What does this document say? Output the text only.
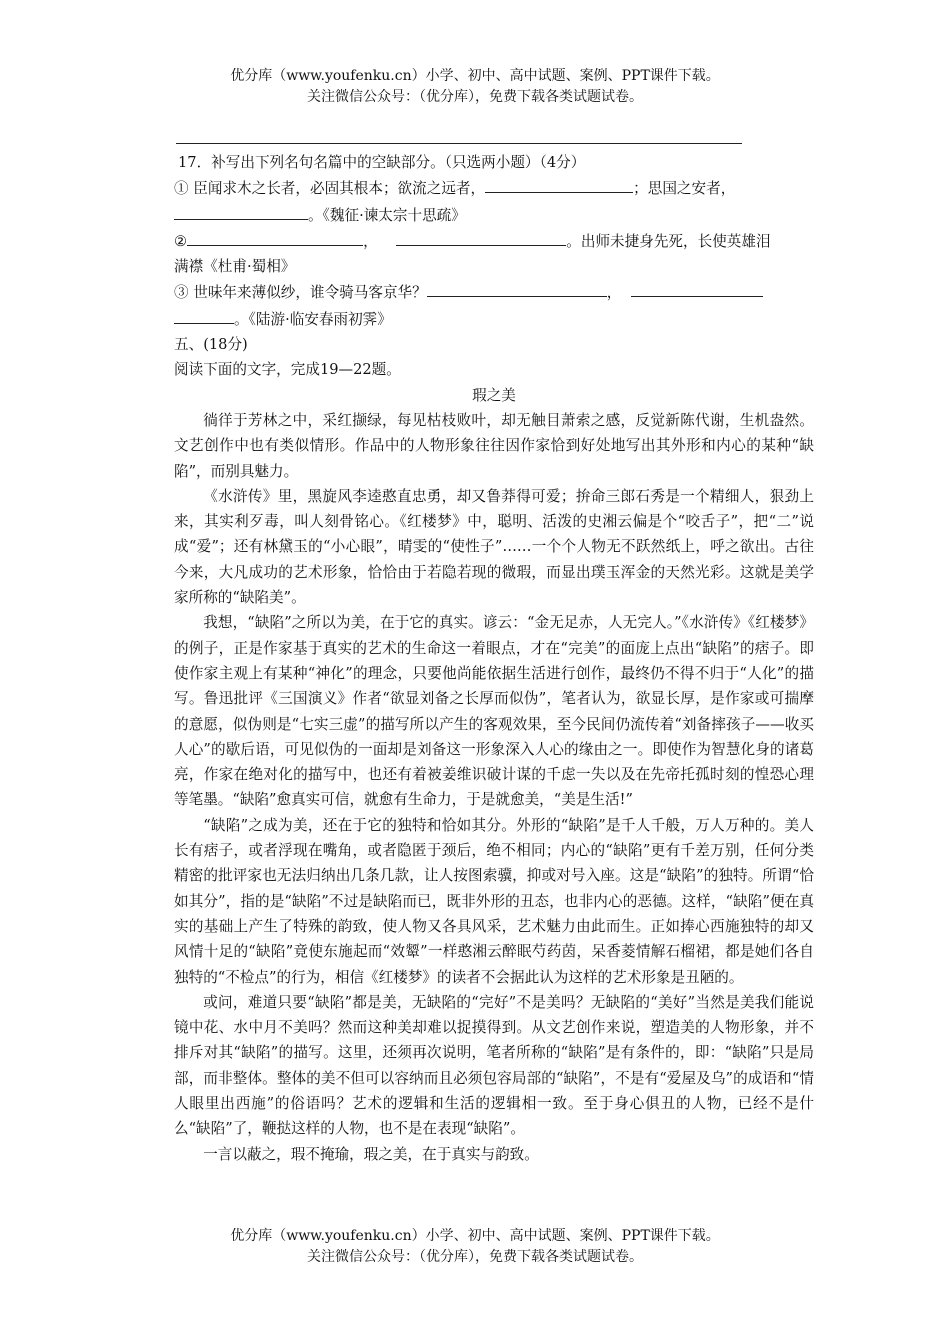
优分库（www.youfenku.cn）小学、初中、高中试题、案例、PPT课件下载。
关注微信公众号：（优分库），免费下载各类试题试卷。

17．补写出下列名句名篇中的空缺部分。（只选两小题）（4分）

① 臣闻求木之长者，必固其根本；欲流之远者，	；思国之安者，

。《魏征·谏太宗十思疏》

②	，	。出师未捷身先死，长使英雄泪

满襟《杜甫·蜀相》

③ 世味年来薄似纱，谁令骑马客京华？	，

。《陆游·临安春雨初霁》

五、(18分)

阅读下面的文字，完成19—22题。

瑕之美

徜徉于芳林之中，采红撷绿，每见枯枝败叶，却无触目萧索之感，反觉新陈代谢，生机盎然。文艺创作中也有类似情形。作品中的人物形象往往因作家恰到好处地写出其外形和内心的某种“缺陷”，而别具魅力。

《水浒传》里，黑旋风李逵憨直忠勇，却又鲁莽得可爱；拚命三郎石秀是一个精细人，狠劲上来，其实利歹毒，叫人刻骨铭心。《红楼梦》中，聪明、活泼的史湘云偏是个“咬舌子”，把“二”说成“爱”；还有林黛玉的“小心眼”，晴雯的“使性子”……一个个人物无不跃然纸上，呼之欲出。古往今来，大凡成功的艺术形象，恰恰由于若隐若现的微瑕，而显出璞玉浑金的天然光彩。这就是美学家所称的“缺陷美”。

我想，“缺陷”之所以为美，在于它的真实。谚云：“金无足赤，人无完人。”《水浒传》《红楼梦》的例子，正是作家基于真实的艺术的生命这一着眼点，才在“完美”的面庞上点出“缺陷”的痞子。即使作家主观上有某种“神化”的理念，只要他尚能依据生活进行创作，最终仍不得不归于“人化”的描写。鲁迅批评《三国演义》作者“欲显刘备之长厚而似伪”，笔者认为，欲显长厚，是作家或可揣摩的意愿，似伪则是“七实三虚”的描写所以产生的客观效果，至今民间仍流传着“刘备摔孩子——收买人心”的歇后语，可见似伪的一面却是刘备这一形象深入人心的缘由之一。即使作为智慧化身的诸葛亮，作家在绝对化的描写中，也还有着被姜维识破计谋的千虑一失以及在先帝托孤时刻的惶恐心理等笔墨。“缺陷”愈真实可信，就愈有生命力，于是就愈美，“美是生活!”

“缺陷”之成为美，还在于它的独特和恰如其分。外形的“缺陷”是千人千般，万人万种的。美人长有痞子，或者浮现在嘴角，或者隐匿于颈后，绝不相同；内心的“缺陷”更有千差万别，任何分类精密的批评家也无法归纳出几条几款，让人按图索骥，抑或对号入座。这是“缺陷”的独特。所谓“恰如其分”，指的是“缺陷”不过是缺陷而已，既非外形的丑态，也非内心的恶德。这样，“缺陷”便在真实的基础上产生了特殊的韵致，使人物又各具风采，艺术魅力由此而生。正如捧心西施独特的却又风情十足的“缺陷”竟使东施起而“效颦”一样憨湘云醉眠芍药茵，呆香菱情解石榴裙，都是她们各自独特的“不检点”的行为，相信《红楼梦》的读者不会据此认为这样的艺术形象是丑陋的。

或问，难道只要“缺陷”都是美，无缺陷的“完好”不是美吗？无缺陷的“美好”当然是美我们能说镜中花、水中月不美吗？然而这种美却难以捉摸得到。从文艺创作来说，塑造美的人物形象，并不排斥对其“缺陷”的描写。这里，还须再次说明，笔者所称的“缺陷”是有条件的，即：“缺陷”只是局部，而非整体。整体的美不但可以容纳而且必须包容局部的“缺陷”，不是有“爱屋及乌”的成语和“情人眼里出西施”的俗语吗？艺术的逻辑和生活的逻辑相一致。至于身心俱丑的人物，已经不是什么“缺陷”了，鞭挞这样的人物，也不是在表现“缺陷”。

一言以蔽之，瑕不掩瑜，瑕之美，在于真实与韵致。

优分库（www.youfenku.cn）小学、初中、高中试题、案例、PPT课件下载。
关注微信公众号：（优分库），免费下载各类试题试卷。
